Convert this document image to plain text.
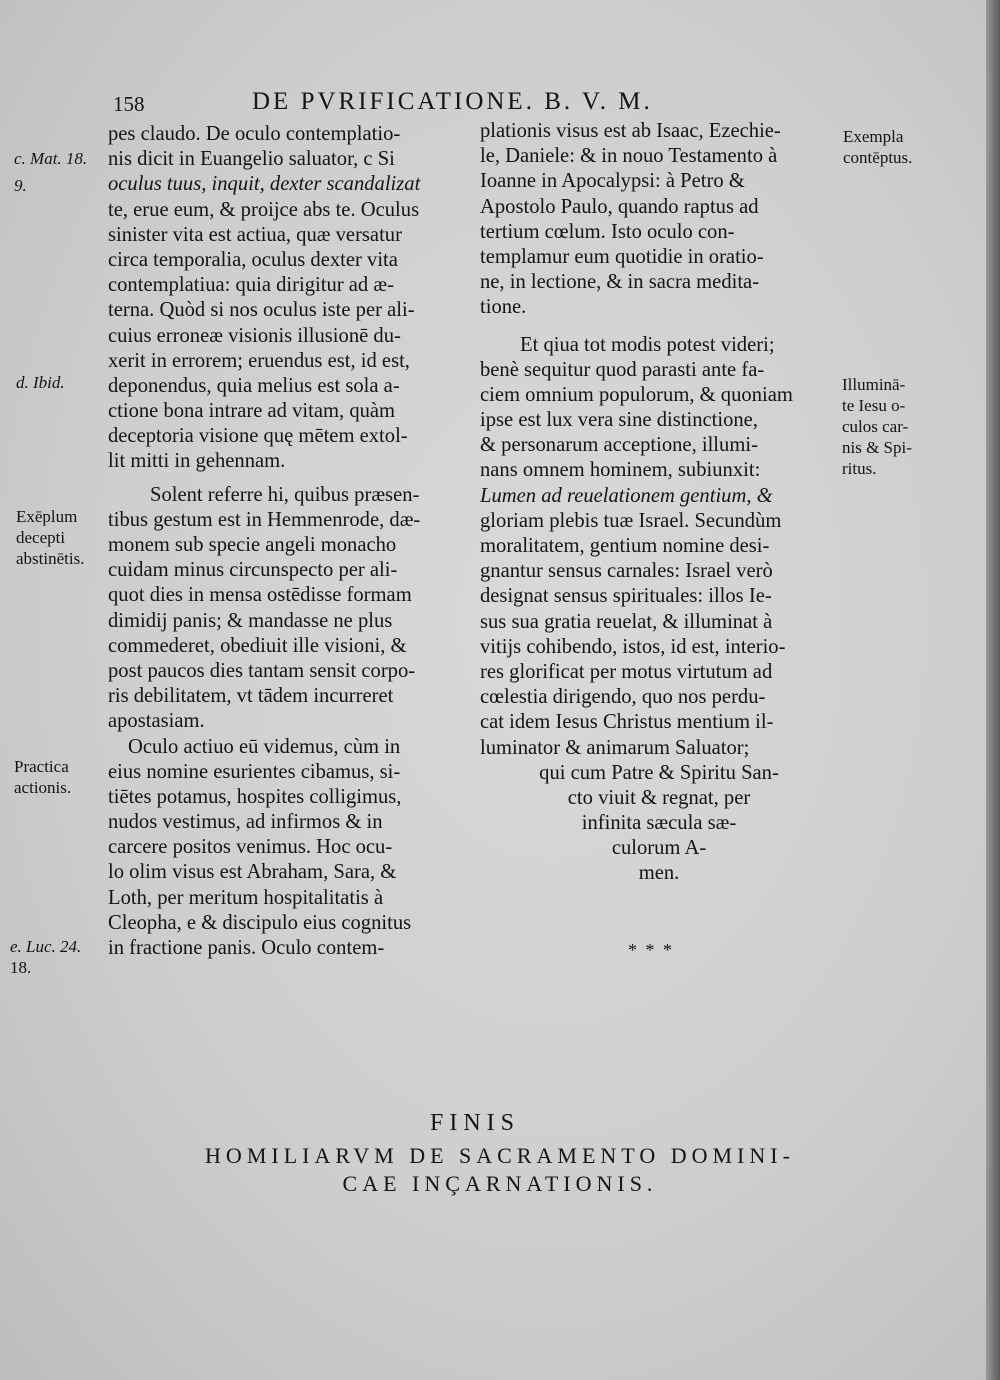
158	DE PVRIFICATIONE. B. V. M.
pes claudo. De oculo contemplatio-
nis dicit in Euangelio saluator, c Si
oculus tuus, inquit, dexter scandalizat
te, erue eum, & proijce abs te. Oculus
sinister vita est actiua, quæ versatur
circa temporalia, oculus dexter vita
contemplatiua: quia dirigitur ad æ-
terna. Quòd si nos oculus iste per ali-
cuius erroneæ visionis illusionē du-
xerit in errorem; eruendus est, id est,
deponendus, quia melius est sola a-
ctione bona intrare ad vitam, quàm
deceptoria visione quę mētem extol-
lit mitti in gehennam.
Solent referre hi, quibus præsen-
tibus gestum est in Hemmenrode, dæ-
monem sub specie angeli monacho
cuidam minus circunspecto per ali-
quot dies in mensa ostēdisse formam
dimidij panis; & mandasse ne plus
commederet, obediuit ille visioni, &
post paucos dies tantam sensit corpo-
ris debilitatem, vt tādem incurreret
apostasiam.
Oculo actiuo eū videmus, cùm in
eius nomine esurientes cibamus, si-
tiētes potamus, hospites colligimus,
nudos vestimus, ad infirmos & in
carcere positos venimus. Hoc ocu-
lo olim visus est Abraham, Sara, &
Loth, per meritum hospitalitatis à
Cleopha, e & discipulo eius cognitus
in fractione panis. Oculo contem-
plationis visus est ab Isaac, Ezechie-
le, Daniele: & in nouo Testamento à
Ioanne in Apocalypsi: à Petro &
Apostolo Paulo, quando raptus ad
tertium cœlum. Isto oculo con-
templamur eum quotidie in oratio-
ne, in lectione, & in sacra medita-
tione.
Et qiua tot modis potest videri;
benè sequitur quod parasti ante fa-
ciem omnium populorum, & quoniam
ipse est lux vera sine distinctione,
& personarum acceptione, illumi-
nans omnem hominem, subiunxit:
Lumen ad reuelationem gentium, &
gloriam plebis tuæ Israel. Secundùm
moralitatem, gentium nomine desi-
gnantur sensus carnales: Israel verò
designat sensus spirituales: illos Ie-
sus sua gratia reuelat, & illuminat à
vitijs cohibendo, istos, id est, interio-
res glorificat per motus virtutum ad
cœlestia dirigendo, quo nos perdu-
cat idem Iesus Christus mentium il-
luminator & animarum Saluator;
qui cum Patre & Spiritu San-
cto viuit & regnat, per
infinita sæcula sæ-
culorum A-
men.
c. Mat. 18.
9.
d. Ibid.
Exēplum
decepti
abstinētis.
Practica
actionis.
e. Luc. 24.
18.
Exempla
contēptus.
Illuminā-
te Iesu o-
culos car-
nis & Spi-
ritus.
* * *
FINIS
HOMILIARVM DE SACRAMENTO DOMINI-
CAE INÇARNATIONIS.
